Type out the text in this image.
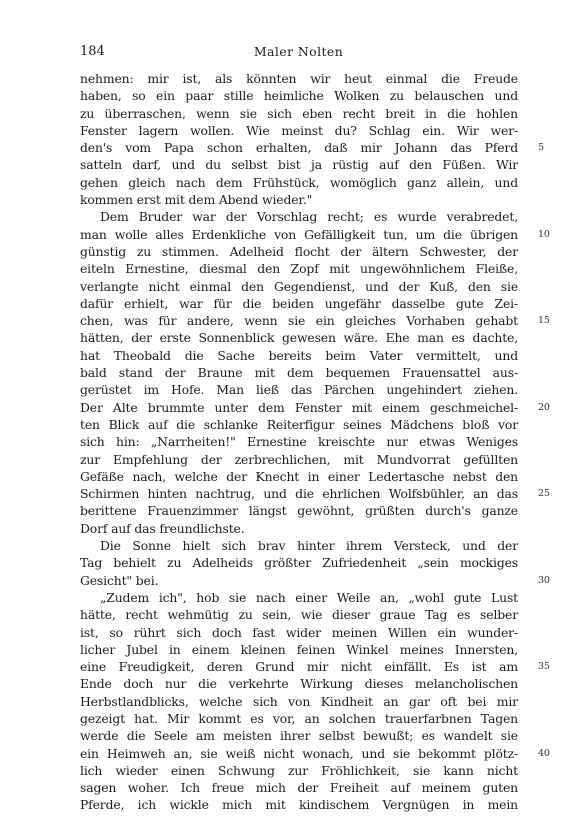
184	Maler Nolten
nehmen: mir ist, als könnten wir heut einmal die Freude
haben, so ein paar stille heimliche Wolken zu belauschen und
zu überraschen, wenn sie sich eben recht breit in die hohlen
Fenster lagern wollen. Wie meinst du? Schlag ein. Wir wer-
den's vom Papa schon erhalten, daß mir Johann das Pferd 5
satteln darf, und du selbst bist ja rüstig auf den Füßen. Wir
gehen gleich nach dem Frühstück, womöglich ganz allein, und
kommen erst mit dem Abend wieder."
Dem Bruder war der Vorschlag recht; es wurde verabredet,
man wolle alles Erdenkliche von Gefälligkeit tun, um die übrigen 10
günstig zu stimmen. Adelheid flocht der ältern Schwester, der
eiteln Ernestine, diesmal den Zopf mit ungewöhnlichem Fleiße,
verlangte nicht einmal den Gegendienst, und der Kuß, den sie
dafür erhielt, war für die beiden ungefähr dasselbe gute Zei-
chen, was für andere, wenn sie ein gleiches Vorhaben gehabt 15
hätten, der erste Sonnenblick gewesen wäre. Ehe man es dachte,
hat Theobald die Sache bereits beim Vater vermittelt, und
bald stand der Braune mit dem bequemen Frauensattel aus-
gerüstet im Hofe. Man ließ das Pärchen ungehindert ziehen.
Der Alte brummte unter dem Fenster mit einem geschmeichel- 20
ten Blick auf die schlanke Reiterfigur seines Mädchens bloß vor
sich hin: „Narrheiten!" Ernestine kreischte nur etwas Weniges
zur Empfehlung der zerbrechlichen, mit Mundvorrat gefüllten
Gefäße nach, welche der Knecht in einer Ledertasche nebst den
Schirmen hinten nachtrug, und die ehrlichen Wolfsbühler, an das 25
berittene Frauenzimmer längst gewöhnt, grüßten durch's ganze
Dorf auf das freundlichste.
Die Sonne hielt sich brav hinter ihrem Versteck, und der
Tag behielt zu Adelheids größter Zufriedenheit „sein mockiges
Gesicht" bei.	30
„Zudem ich", hob sie nach einer Weile an, „wohl gute Lust
hätte, recht wehmütig zu sein, wie dieser graue Tag es selber
ist, so rührt sich doch fast wider meinen Willen ein wunder-
licher Jubel in einem kleinen feinen Winkel meines Innersten,
eine Freudigkeit, deren Grund mir nicht einfällt. Es ist am 35
Ende doch nur die verkehrte Wirkung dieses melancholischen
Herbstlandblicks, welche sich von Kindheit an gar oft bei mir
gezeigt hat. Mir kommt es vor, an solchen trauerfarbnen Tagen
werde die Seele am meisten ihrer selbst bewußt; es wandelt sie
ein Heimweh an, sie weiß nicht wonach, und sie bekommt plötz- 40
lich wieder einen Schwung zur Fröhlichkeit, sie kann nicht
sagen woher. Ich freue mich der Freiheit auf meinem guten
Pferde, ich wickle mich mit kindischem Vergnügen in mein
